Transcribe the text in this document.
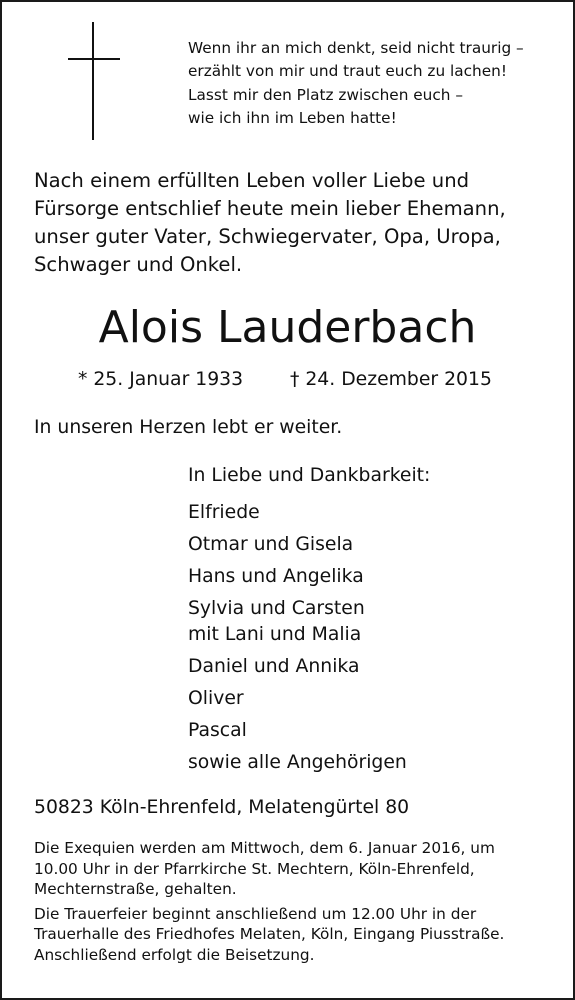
Wenn ihr an mich denkt, seid nicht traurig –
erzählt von mir und traut euch zu lachen!
Lasst mir den Platz zwischen euch –
wie ich ihn im Leben hatte!
Nach einem erfüllten Leben voller Liebe und
Fürsorge entschlief heute mein lieber Ehemann,
unser guter Vater, Schwiegervater, Opa, Uropa,
Schwager und Onkel.
Alois Lauderbach
* 25. Januar 1933 † 24. Dezember 2015
In unseren Herzen lebt er weiter.
In Liebe und Dankbarkeit:
Elfriede
Otmar und Gisela
Hans und Angelika
Sylvia und Carsten
mit Lani und Malia
Daniel und Annika
Oliver
Pascal
sowie alle Angehörigen
50823 Köln-Ehrenfeld, Melatengürtel 80

Die Exequien werden am Mittwoch, dem 6. Januar 2016, um
10.00 Uhr in der Pfarrkirche St. Mechtern, Köln-Ehrenfeld,
Mechternstraße, gehalten.

Die Trauerfeier beginnt anschließend um 12.00 Uhr in der
Trauerhalle des Friedhofes Melaten, Köln, Eingang Piusstraße.
Anschließend erfolgt die Beisetzung.
